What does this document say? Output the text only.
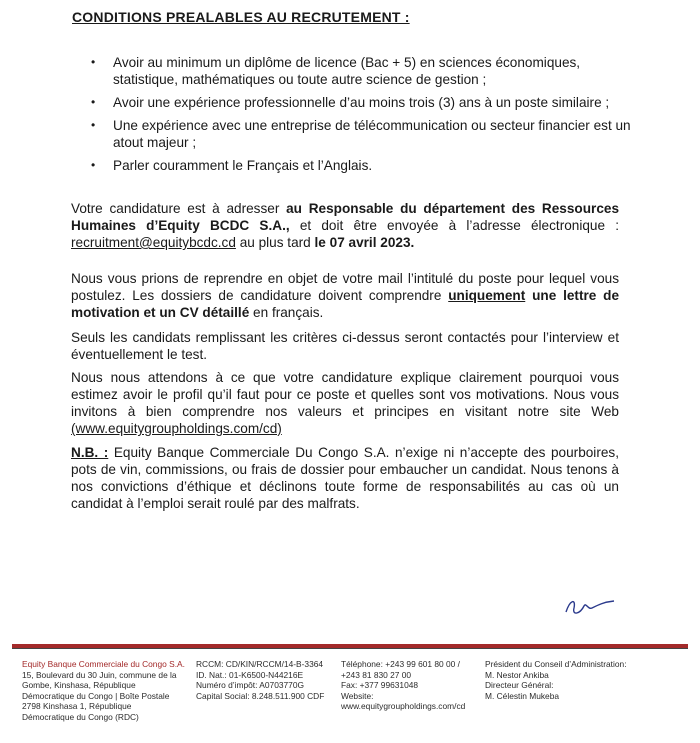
CONDITIONS PREALABLES AU RECRUTEMENT :
• Avoir au minimum un diplôme de licence (Bac + 5) en sciences économiques, statistique, mathématiques ou toute autre science de gestion ;
• Avoir une expérience professionnelle d’au moins trois (3) ans à un poste similaire ;
• Une expérience avec une entreprise de télécommunication ou secteur financier est un atout majeur ;
• Parler couramment le Français et l’Anglais.

Votre candidature est à adresser au Responsable du département des Ressources Humaines d’Equity BCDC S.A., et doit être envoyée à l’adresse électronique : recruitment@equitybcdc.cd au plus tard le 07 avril 2023.

Nous vous prions de reprendre en objet de votre mail l’intitulé du poste pour lequel vous postulez. Les dossiers de candidature doivent comprendre uniquement une lettre de motivation et un CV détaillé en français.

Seuls les candidats remplissant les critères ci-dessus seront contactés pour l’interview et éventuellement le test.

Nous nous attendons à ce que votre candidature explique clairement pourquoi vous estimez avoir le profil qu’il faut pour ce poste et quelles sont vos motivations. Nous vous invitons à bien comprendre nos valeurs et principes en visitant notre site Web (www.equitygroupholdings.com/cd)

N.B. : Equity Banque Commerciale Du Congo S.A. n’exige ni n’accepte des pourboires, pots de vin, commissions, ou frais de dossier pour embaucher un candidat. Nous tenons à nos convictions d’éthique et déclinons toute forme de responsabilités au cas où un candidat à l’emploi serait roulé par des malfrats.

Equity Banque Commerciale du Congo S.A.
15, Boulevard du 30 Juin, commune de la
Gombe, Kinshasa, République
Démocratique du Congo | Boîte Postale
2798 Kinshasa 1, République
Démocratique du Congo (RDC)
RCCM: CD/KIN/RCCM/14-B-3364
ID. Nat.: 01-K6500-N44216E
Numéro d’impôt: A0703770G
Capital Social: 8.248.511.900 CDF
Téléphone: +243 99 601 80 00 /
+243 81 830 27 00
Fax: +377 99631048
Website:
www.equitygroupholdings.com/cd
Président du Conseil d’Administration:
M. Nestor Ankiba
Directeur Général:
M. Célestin Mukeba
